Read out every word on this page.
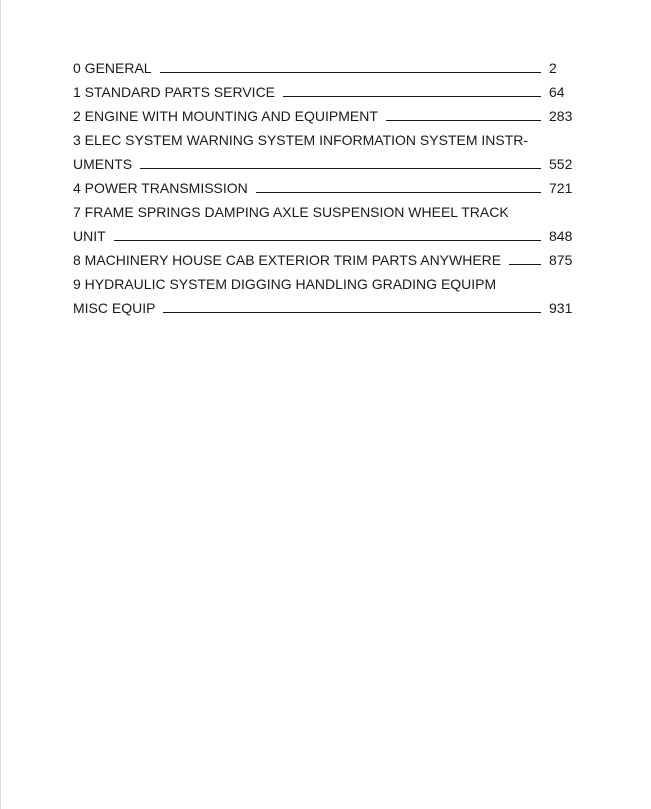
0 GENERAL	2
1 STANDARD PARTS SERVICE	64
2 ENGINE WITH MOUNTING AND EQUIPMENT	283
3 ELEC SYSTEM WARNING SYSTEM INFORMATION SYSTEM INSTR-
UMENTS	552
4 POWER TRANSMISSION	721
7 FRAME SPRINGS DAMPING AXLE SUSPENSION WHEEL TRACK
UNIT	848
8 MACHINERY HOUSE CAB EXTERIOR TRIM PARTS ANYWHERE	875
9 HYDRAULIC SYSTEM DIGGING HANDLING GRADING EQUIPM
MISC EQUIP	931
